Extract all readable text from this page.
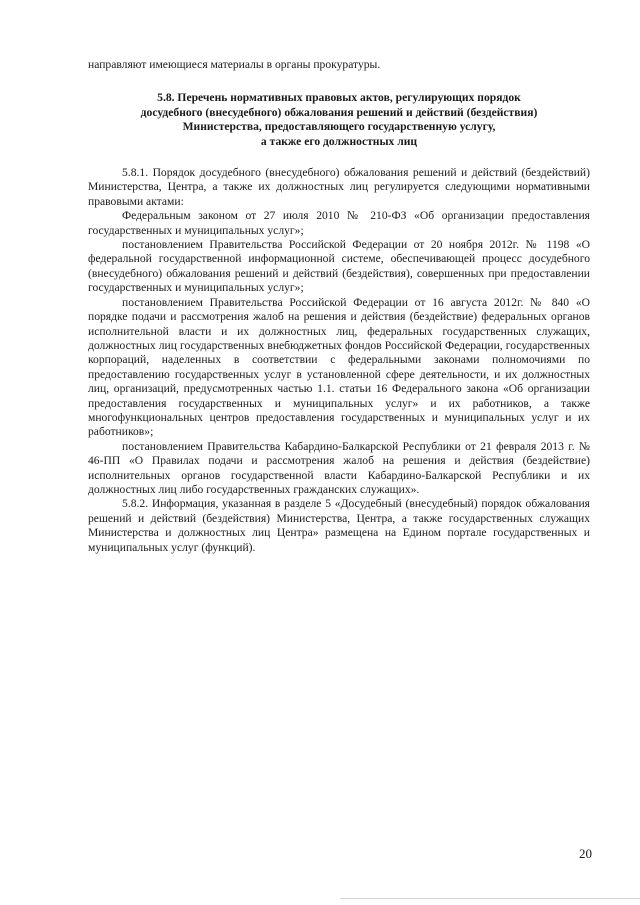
направляют имеющиеся материалы в органы прокуратуры.

5.8. Перечень нормативных правовых актов, регулирующих порядок
досудебного (внесудебного) обжалования решений и действий (бездействия)
Министерства, предоставляющего государственную услугу,
а также его должностных лиц

5.8.1. Порядок досудебного (внесудебного) обжалования решений и действий (бездействий) Министерства, Центра, а также их должностных лиц регулируется следующими нормативными правовыми актами:

Федеральным законом от 27 июля 2010 № 210-ФЗ «Об организации предоставления государственных и муниципальных услуг»;

постановлением Правительства Российской Федерации от 20 ноября 2012г. № 1198 «О федеральной государственной информационной системе, обеспечивающей процесс досудебного (внесудебного) обжалования решений и действий (бездействия), совершенных при предоставлении государственных и муниципальных услуг»;

постановлением Правительства Российской Федерации от 16 августа 2012г. № 840 «О порядке подачи и рассмотрения жалоб на решения и действия (бездействие) федеральных органов исполнительной власти и их должностных лиц, федеральных государственных служащих, должностных лиц государственных внебюджетных фондов Российской Федерации, государственных корпораций, наделенных в соответствии с федеральными законами полномочиями по предоставлению государственных услуг в установленной сфере деятельности, и их должностных лиц, организаций, предусмотренных частью 1.1. статьи 16 Федерального закона «Об организации предоставления государственных и муниципальных услуг» и их работников, а также многофункциональных центров предоставления государственных и муниципальных услуг и их работников»;

постановлением Правительства Кабардино-Балкарской Республики от 21 февраля 2013 г. № 46-ПП «О Правилах подачи и рассмотрения жалоб на решения и действия (бездействие) исполнительных органов государственной власти Кабардино-Балкарской Республики и их должностных лиц либо государственных гражданских служащих».

5.8.2. Информация, указанная в разделе 5 «Досудебный (внесудебный) порядок обжалования решений и действий (бездействия) Министерства, Центра, а также государственных служащих Министерства и должностных лиц Центра» размещена на Едином портале государственных и муниципальных услуг (функций).

20
